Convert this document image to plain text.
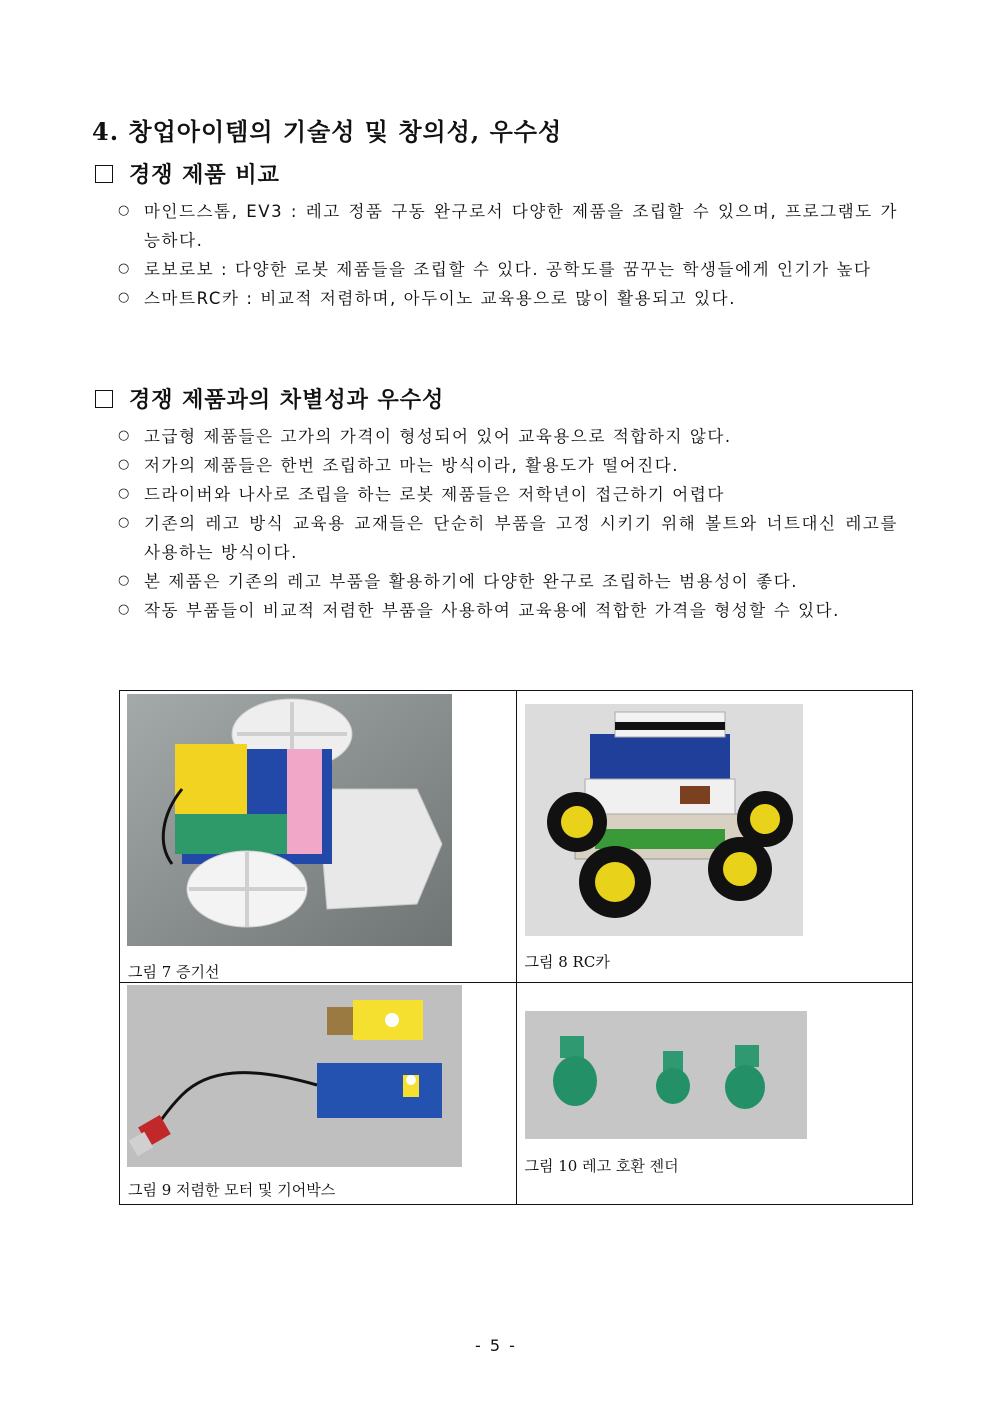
4. 창업아이템의 기술성 및 창의성, 우수성
경쟁 제품 비교
○ 마인드스톰, EV3 : 레고 정품 구동 완구로서 다양한 제품을 조립할 수 있으며, 프로그램도 가능하다.
○ 로보로보 : 다양한 로봇 제품들을 조립할 수 있다. 공학도를 꿈꾸는 학생들에게 인기가 높다
○ 스마트RC카 : 비교적 저렴하며, 아두이노 교육용으로 많이 활용되고 있다.
경쟁 제품과의 차별성과 우수성
○ 고급형 제품들은 고가의 가격이 형성되어 있어 교육용으로 적합하지 않다.
○ 저가의 제품들은 한번 조립하고 마는 방식이라, 활용도가 떨어진다.
○ 드라이버와 나사로 조립을 하는 로봇 제품들은 저학년이 접근하기 어렵다
○ 기존의 레고 방식 교육용 교재들은 단순히 부품을 고정 시키기 위해 볼트와 너트대신 레고를 사용하는 방식이다.
○ 본 제품은 기존의 레고 부품을 활용하기에 다양한 완구로 조립하는 범용성이 좋다.
○ 작동 부품들이 비교적 저렴한 부품을 사용하여 교육용에 적합한 가격을 형성할 수 있다.
그림 7 증기선	그림 8 RC카

그림 9 저렴한 모터 및 기어박스	그림 10 레고 호환 젠더
- 5 -
